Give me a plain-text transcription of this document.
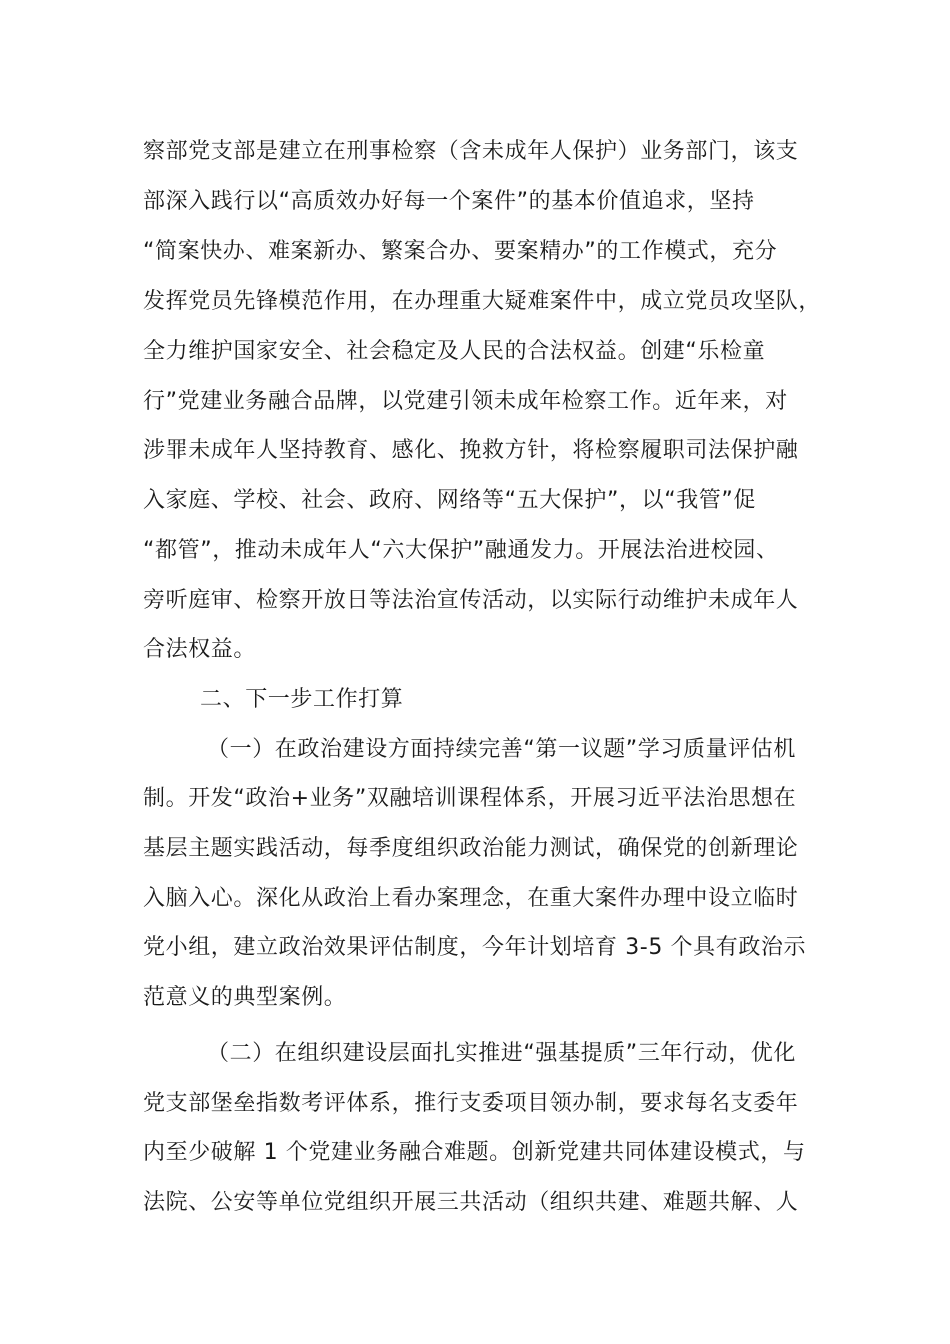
察部党支部是建立在刑事检察（含未成年人保护）业务部门，该支
部深入践行以“高质效办好每一个案件”的基本价值追求，坚持
“简案快办、难案新办、繁案合办、要案精办”的工作模式，充分
发挥党员先锋模范作用，在办理重大疑难案件中，成立党员攻坚队，
全力维护国家安全、社会稳定及人民的合法权益。创建“乐检童
行”党建业务融合品牌，以党建引领未成年检察工作。近年来，对
涉罪未成年人坚持教育、感化、挽救方针，将检察履职司法保护融
入家庭、学校、社会、政府、网络等“五大保护”，以“我管”促
“都管”，推动未成年人“六大保护”融通发力。开展法治进校园、
旁听庭审、检察开放日等法治宣传活动，以实际行动维护未成年人
合法权益。
二、下一步工作打算
（一）在政治建设方面持续完善“第一议题”学习质量评估机
制。开发“政治+业务”双融培训课程体系，开展习近平法治思想在
基层主题实践活动，每季度组织政治能力测试，确保党的创新理论
入脑入心。深化从政治上看办案理念，在重大案件办理中设立临时
党小组，建立政治效果评估制度，今年计划培育 3-5 个具有政治示
范意义的典型案例。
（二）在组织建设层面扎实推进“强基提质”三年行动，优化
党支部堡垒指数考评体系，推行支委项目领办制，要求每名支委年
内至少破解 1 个党建业务融合难题。创新党建共同体建设模式，与
法院、公安等单位党组织开展三共活动（组织共建、难题共解、人
